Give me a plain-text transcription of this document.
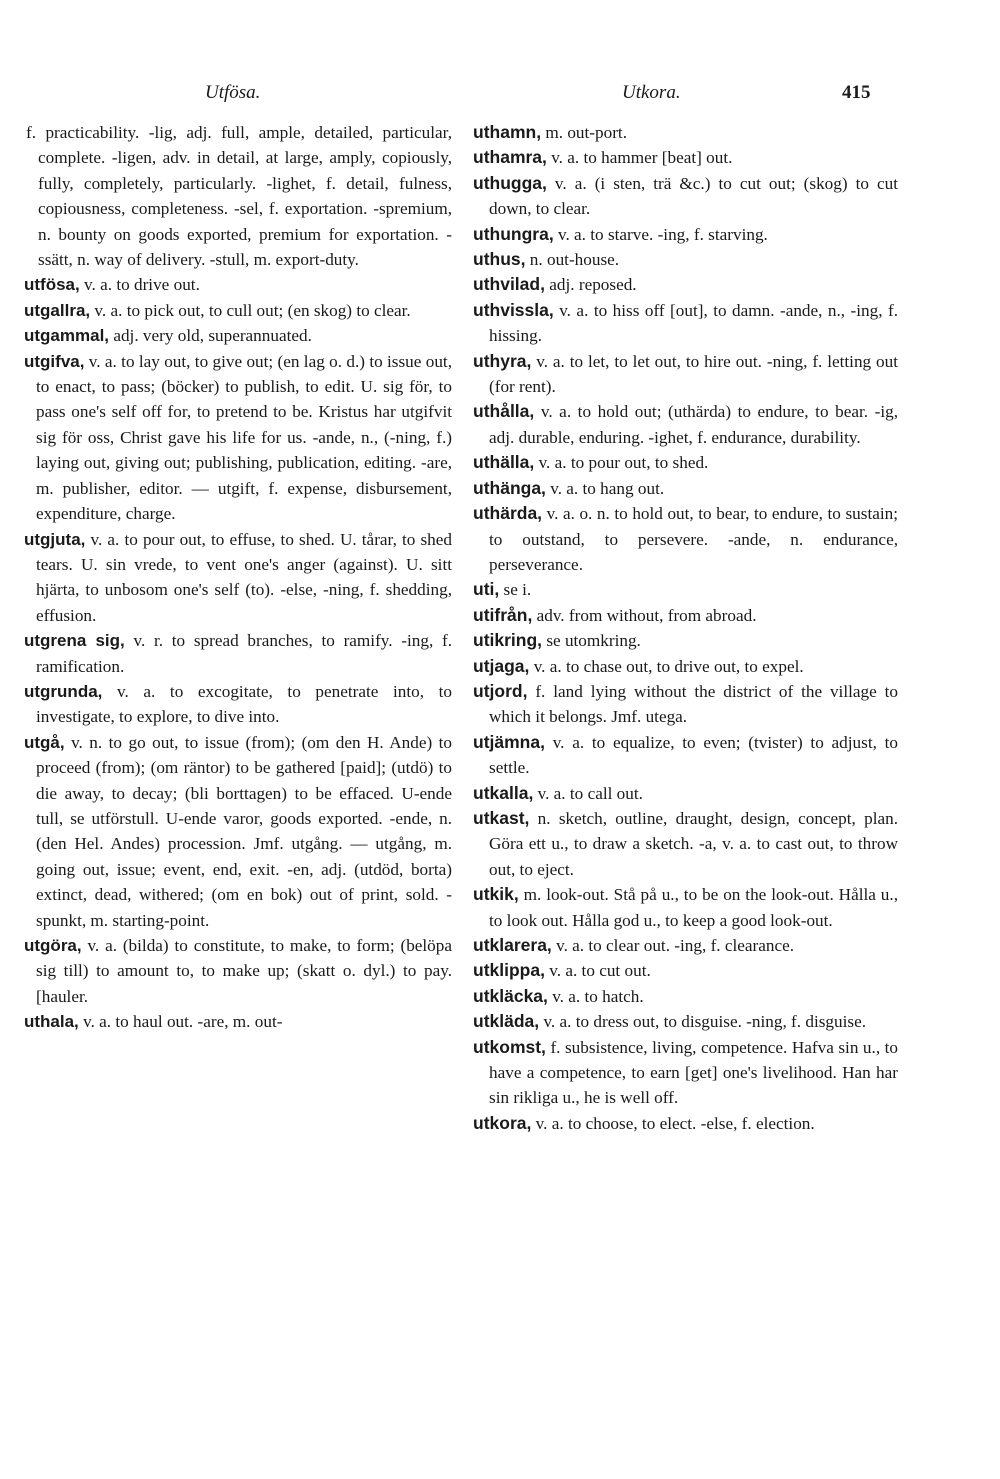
Utfösa.	Utkora.	415

f. practicability. -lig, adj. full, ample, detailed, particular, complete. -ligen, adv. in detail, at large, amply, copiously, fully, completely, particularly. -lighet, f. detail, fulness, copiousness, completeness. -sel, f. exportation. -spremium, n. bounty on goods exported, premium for exportation. -ssätt, n. way of delivery. -stull, m. export-duty.

utfösa, v. a. to drive out.

utgallra, v. a. to pick out, to cull out; (en skog) to clear.

utgammal, adj. very old, superannuated.

utgifva, v. a. to lay out, to give out; (en lag o. d.) to issue out, to enact, to pass; (böcker) to publish, to edit. U. sig för, to pass one's self off for, to pretend to be. Kristus har utgifvit sig för oss, Christ gave his life for us. -ande, n., (-ning, f.) laying out, giving out; publishing, publication, editing. -are, m. publisher, editor. — utgift, f. expense, disbursement, expenditure, charge.

utgjuta, v. a. to pour out, to effuse, to shed. U. tårar, to shed tears. U. sin vrede, to vent one's anger (against). U. sitt hjärta, to unbosom one's self (to). -else, -ning, f. shedding, effusion.

utgrena sig, v. r. to spread branches, to ramify. -ing, f. ramification.

utgrunda, v. a. to excogitate, to penetrate into, to investigate, to explore, to dive into.

utgå, v. n. to go out, to issue (from); (om den H. Ande) to proceed (from); (om räntor) to be gathered [paid]; (utdö) to die away, to decay; (bli borttagen) to be effaced. U-ende tull, se utförstull. U-ende varor, goods exported. -ende, n. (den Hel. Andes) procession. Jmf. utgång. — utgång, m. going out, issue; event, end, exit. -en, adj. (utdöd, borta) extinct, dead, withered; (om en bok) out of print, sold. -spunkt, m. starting-point.

utgöra, v. a. (bilda) to constitute, to make, to form; (belöpa sig till) to amount to, to make up; (skatt o. dyl.) to pay. [hauler.

uthala, v. a. to haul out. -are, m. out-

uthamn, m. out-port.

uthamra, v. a. to hammer [beat] out.

uthugga, v. a. (i sten, trä &c.) to cut out; (skog) to cut down, to clear.

uthungra, v. a. to starve. -ing, f. starving.

uthus, n. out-house.

uthvilad, adj. reposed.

uthvissla, v. a. to hiss off [out], to damn. -ande, n., -ing, f. hissing.

uthyra, v. a. to let, to let out, to hire out. -ning, f. letting out (for rent).

uthålla, v. a. to hold out; (uthärda) to endure, to bear. -ig, adj. durable, enduring. -ighet, f. endurance, durability.

uthälla, v. a. to pour out, to shed.

uthänga, v. a. to hang out.

uthärda, v. a. o. n. to hold out, to bear, to endure, to sustain; to outstand, to persevere. -ande, n. endurance, perseverance.

uti, se i.

utifrån, adv. from without, from abroad.

utikring, se utomkring.

utjaga, v. a. to chase out, to drive out, to expel.

utjord, f. land lying without the district of the village to which it belongs. Jmf. utega.

utjämna, v. a. to equalize, to even; (tvister) to adjust, to settle.

utkalla, v. a. to call out.

utkast, n. sketch, outline, draught, design, concept, plan. Göra ett u., to draw a sketch. -a, v. a. to cast out, to throw out, to eject.

utkik, m. look-out. Stå på u., to be on the look-out. Hålla u., to look out. Hålla god u., to keep a good look-out.

utklarera, v. a. to clear out. -ing, f. clearance.

utklippa, v. a. to cut out.

utkläcka, v. a. to hatch.

utkläda, v. a. to dress out, to disguise. -ning, f. disguise.

utkomst, f. subsistence, living, competence. Hafva sin u., to have a competence, to earn [get] one's livelihood. Han har sin rikliga u., he is well off.

utkora, v. a. to choose, to elect. -else, f. election.
